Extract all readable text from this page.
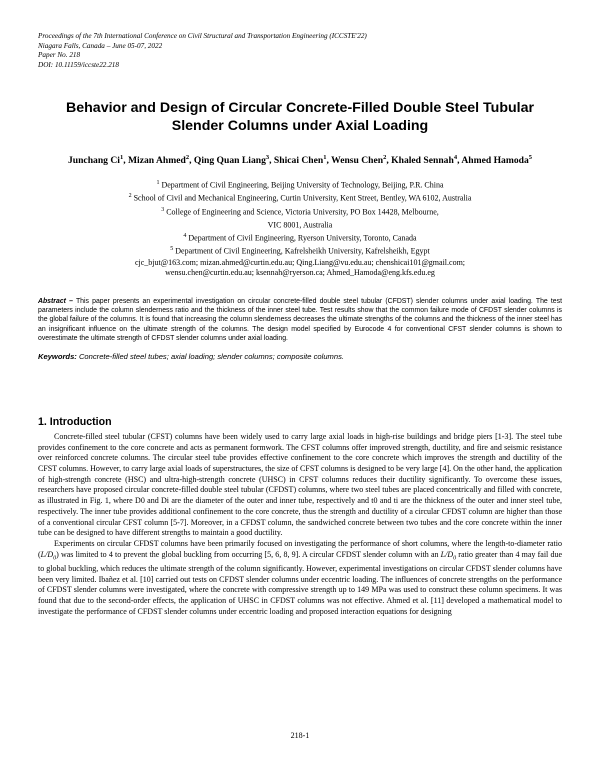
Proceedings of the 7th International Conference on Civil Structural and Transportation Engineering (ICCSTE'22)
Niagara Falls, Canada – June 05-07, 2022
Paper No. 218
DOI: 10.11159/iccste22.218
Behavior and Design of Circular Concrete-Filled Double Steel Tubular
Slender Columns under Axial Loading
Junchang Ci$^1$, Mizan Ahmed$^2$, Qing Quan Liang$^3$, Shicai Chen$^1$, Wensu Chen$^2$, Khaled Sennah$^4$, Ahmed Hamoda$^5$
$^1$ Department of Civil Engineering, Beijing University of Technology, Beijing, P.R. China
$^2$ School of Civil and Mechanical Engineering, Curtin University, Kent Street, Bentley, WA 6102, Australia
$^3$ College of Engineering and Science, Victoria University, PO Box 14428, Melbourne,
VIC 8001, Australia
$^4$ Department of Civil Engineering, Ryerson University, Toronto, Canada
$^5$ Department of Civil Engineering, Kafrelsheikh University, Kafrelsheikh, Egypt
cjc_bjut@163.com; mizan.ahmed@curtin.edu.au; Qing.Liang@vu.edu.au; chenshicai101@gmail.com;
wensu.chen@curtin.edu.au; ksennah@ryerson.ca; Ahmed_Hamoda@eng.kfs.edu.eg
Abstract – This paper presents an experimental investigation on circular concrete-filled double steel tubular (CFDST) slender columns under axial loading. The test parameters include the column slenderness ratio and the thickness of the inner steel tube. Test results show that the common failure mode of CFDST slender columns is the global failure of the columns. It is found that increasing the column slenderness decreases the ultimate strengths of the columns and the thickness of the inner steel has an insignificant influence on the ultimate strength of the columns. The design model specified by Eurocode 4 for conventional CFST slender columns is shown to overestimate the ultimate strength of CFDST slender columns under axial loading.
Keywords: Concrete-filled steel tubes; axial loading; slender columns; composite columns.
1. Introduction

Concrete-filled steel tubular (CFST) columns have been widely used to carry large axial loads in high-rise buildings and bridge piers [1-3]. The steel tube provides confinement to the core concrete and acts as permanent formwork. The CFST columns offer improved strength, ductility, and fire and seismic resistance over reinforced concrete columns. The circular steel tube provides effective confinement to the core concrete which improves the strength and ductility of the CFST columns. However, to carry large axial loads of superstructures, the size of CFST columns is designed to be very large [4]. On the other hand, the application of high-strength concrete (HSC) and ultra-high-strength concrete (UHSC) in CFST columns reduces their ductility significantly. To overcome these issues, researchers have proposed circular concrete-filled double steel tubular (CFDST) columns, where two steel tubes are placed concentrically and filled with concrete, as illustrated in Fig. 1, where D0 and Di are the diameter of the outer and inner tube, respectively and t0 and ti are the thickness of the outer and inner steel tube, respectively. The inner tube provides additional confinement to the core concrete, thus the strength and ductility of a circular CFDST column are higher than those of a conventional circular CFST column [5-7]. Moreover, in a CFDST column, the sandwiched concrete between two tubes and the core concrete within the inner tube can be designed to have different strengths to maintain a good ductility.

Experiments on circular CFDST columns have been primarily focused on investigating the performance of short columns, where the length-to-diameter ratio $(L/D_0)$ was limited to 4 to prevent the global buckling from occurring [5, 6, 8, 9]. A circular CFDST slender column with an $L/D_0$ ratio greater than 4 may fail due to global buckling, which reduces the ultimate strength of the column significantly. However, experimental investigations on circular CFDST slender columns have been very limited. Ibañez et al. [10] carried out tests on CFDST slender columns under eccentric loading. The influences of concrete strengths on the performance of CFDST slender columns were investigated, where the concrete with compressive strength up to 149 MPa was used to construct these column specimens. It was found that due to the second-order effects, the application of UHSC in CFDST columns was not effective. Ahmed et al. [11] developed a mathematical model to investigate the performance of CFDST slender columns under eccentric loading and proposed interaction equations for designing

218-1
